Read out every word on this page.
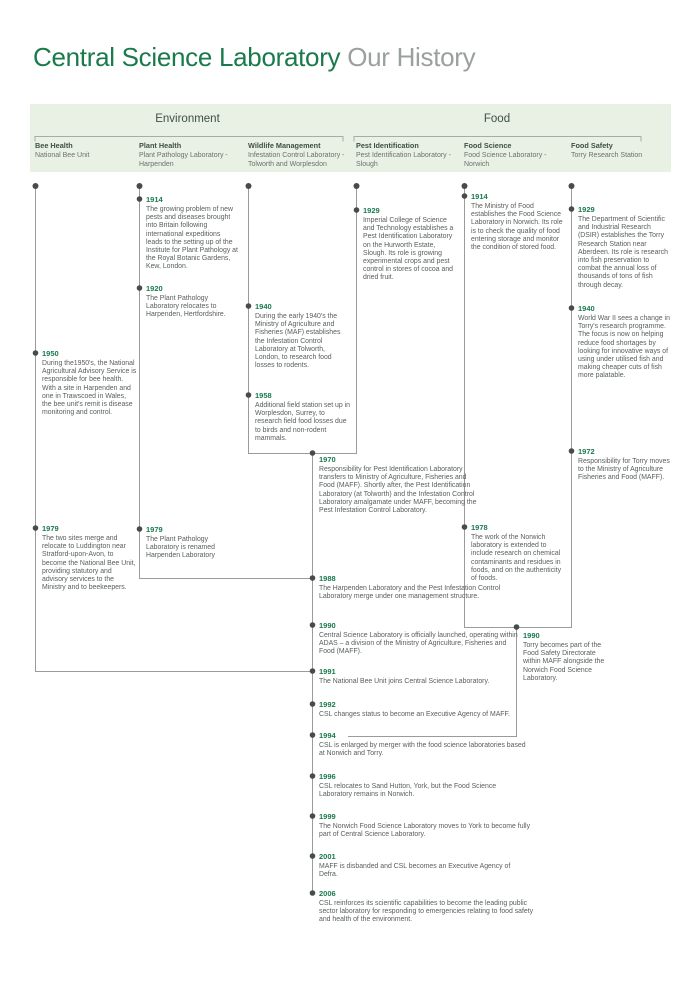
Central Science Laboratory Our History
Environment	Food
Bee Health
National Bee Unit
Plant Health
Plant Pathology Laboratory - Harpenden
Wildlife Management
Infestation Control Laboratory - Tolworth and Worplesdon
Pest Identification
Pest Identification Laboratory - Slough
Food Science
Food Science Laboratory - Norwich
Food Safety
Torry Research Station
1950
During the1950's, the National Agricultural Advisory Service is responsible for bee health. With a site in Harpenden and one in Trawscoed in Wales, the bee unit's remit is disease monitoring and control.
1979
The two sites merge and relocate to Luddington near Stratford-upon-Avon, to become the National Bee Unit, providing statutory and advisory services to the Ministry and to beekeepers.
1914
The growing problem of new pests and diseases brought into Britain following international expeditions leads to the setting up of the Institute for Plant Pathology at the Royal Botanic Gardens, Kew, London.
1920
The Plant Pathology Laboratory relocates to Harpenden, Hertfordshire.
1979
The Plant Pathology Laboratory is renamed Harpenden Laboratory
1940
During the early 1940's the Ministry of Agriculture and Fisheries (MAF) establishes the Infestation Control Laboratory at Tolworth, London, to research food losses to rodents.
1958
Additional field station set up in Worplesdon, Surrey, to research field food losses due to birds and non-rodent mammals.
1929
Imperial College of Science and Technology establishes a Pest Identification Laboratory on the Hurworth Estate, Slough. Its role is growing experimental crops and pest control in stores of cocoa and dried fruit.
1914
The Ministry of Food establishes the Food Science Laboratory in Norwich. Its role is to check the quality of food entering storage and monitor the condition of stored food.
1978
The work of the Norwich laboratory is extended to include research on chemical contaminants and residues in foods, and on the authenticity of foods.
1929
The Department of Scientific and Industrial Research (DSIR) establishes the Torry Research Station near Aberdeen. Its role is research into fish preservation to combat the annual loss of thousands of tons of fish through decay.
1940
World War II sees a change in Torry's research programme. The focus is now on helping reduce food shortages by looking for innovative ways of using under utilised fish and making cheaper cuts of fish more palatable.
1972
Responsibility for Torry moves to the Ministry of Agriculture Fisheries and Food (MAFF).
1990
Torry becomes part of the Food Safety Directorate within MAFF alongside the Norwich Food Science Laboratory.
1970
Responsibility for Pest Identification Laboratory transfers to Ministry of Agriculture, Fisheries and Food (MAFF). Shortly after, the Pest Identification Laboratory (at Tolworth) and the Infestation Control Laboratory amalgamate under MAFF, becoming the Pest Infestation Control Laboratory.
1988
The Harpenden Laboratory and the Pest Infestation Control Laboratory merge under one management structure.
1990
Central Science Laboratory is officially launched, operating within ADAS – a division of the Ministry of Agriculture, Fisheries and Food (MAFF).
1991
The National Bee Unit joins Central Science Laboratory.
1992
CSL changes status to become an Executive Agency of MAFF.
1994
CSL is enlarged by merger with the food science laboratories based at Norwich and Torry.
1996
CSL relocates to Sand Hutton, York, but the Food Science Laboratory remains in Norwich.
1999
The Norwich Food Science Laboratory moves to York to become fully part of Central Science Laboratory.
2001
MAFF is disbanded and CSL becomes an Executive Agency of Defra.
2006
CSL reinforces its scientific capabilities to become the leading public sector laboratory for responding to emergencies relating to food safety and health of the environment.
